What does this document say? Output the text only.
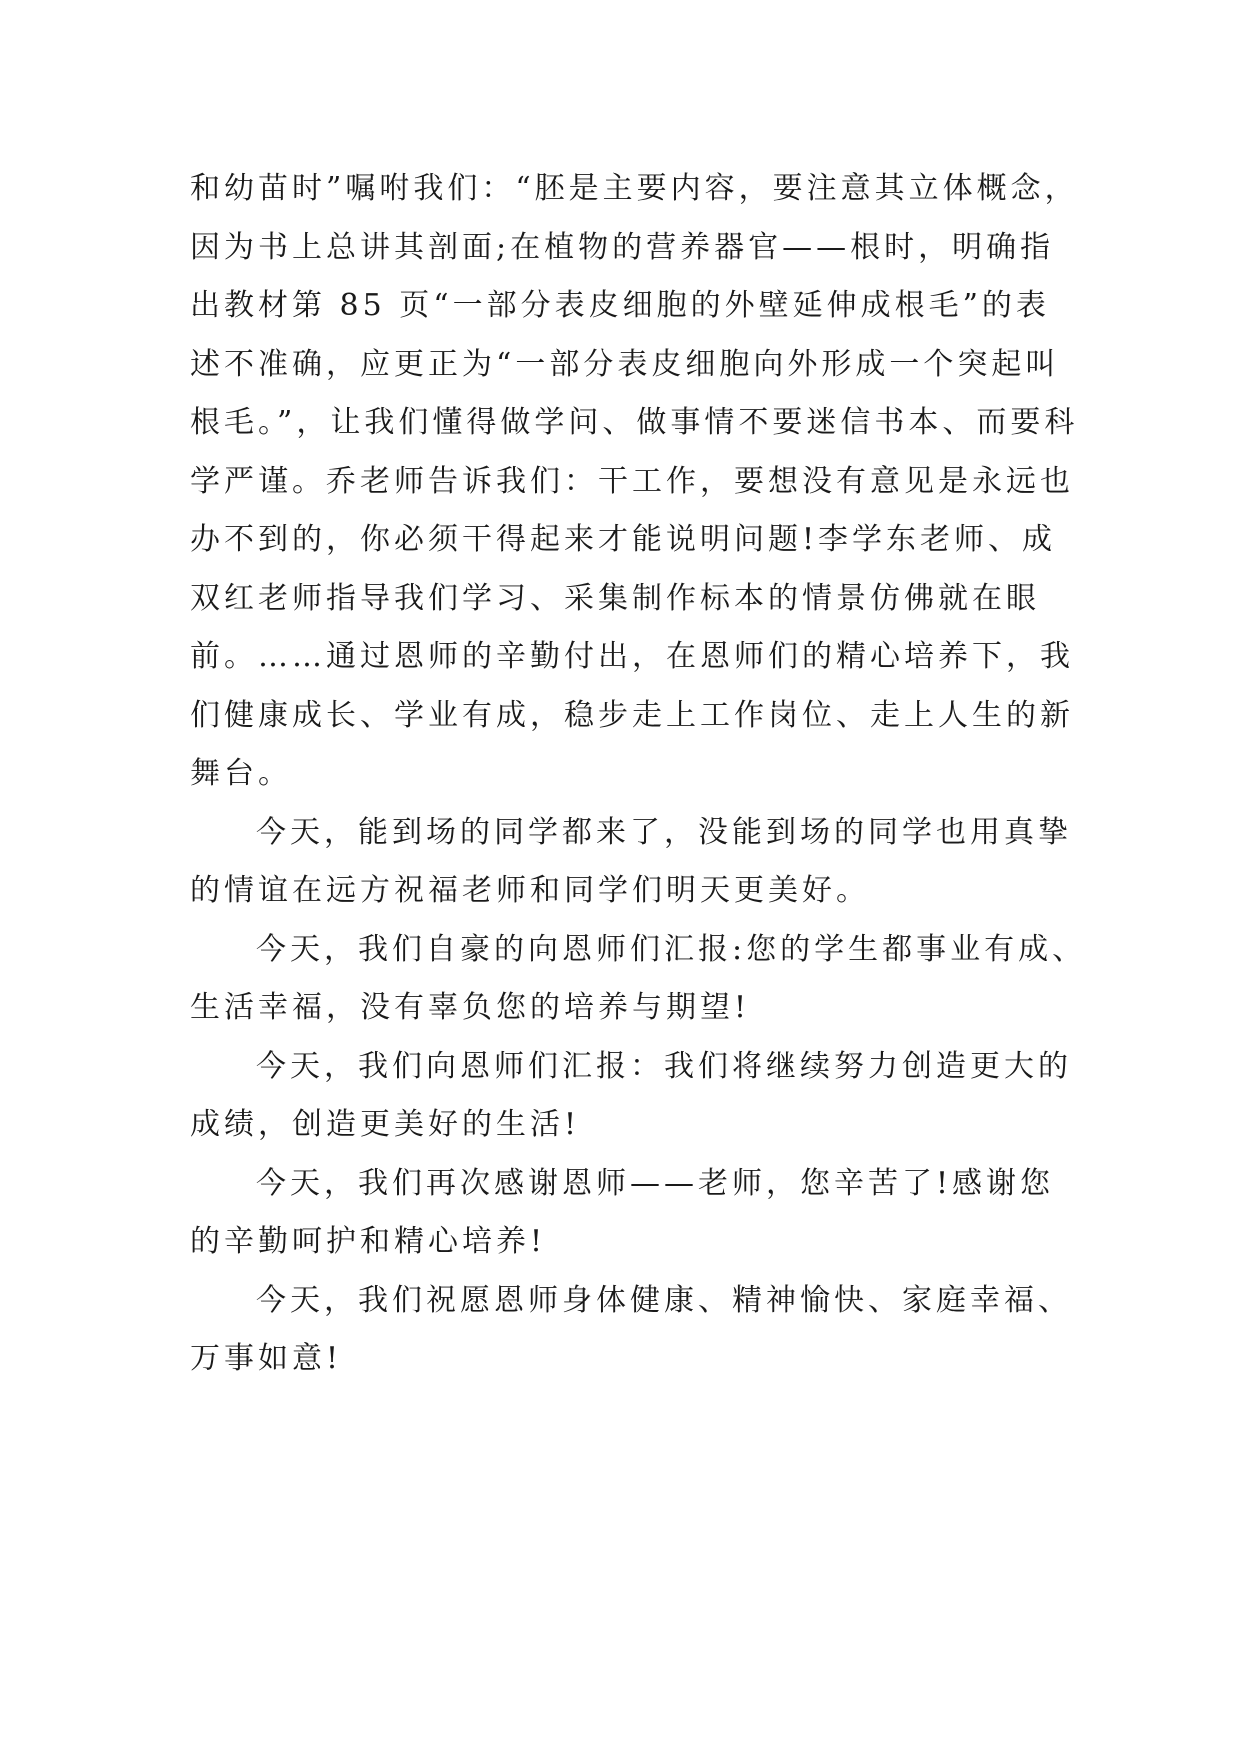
和幼苗时”嘱咐我们：“胚是主要内容，要注意其立体概念，
因为书上总讲其剖面;在植物的营养器官——根时，明确指
出教材第 85 页“一部分表皮细胞的外壁延伸成根毛”的表
述不准确，应更正为“一部分表皮细胞向外形成一个突起叫
根毛。”，让我们懂得做学问、做事情不要迷信书本、而要科
学严谨。乔老师告诉我们：干工作，要想没有意见是永远也
办不到的，你必须干得起来才能说明问题!李学东老师、成
双红老师指导我们学习、采集制作标本的情景仿佛就在眼
前。……通过恩师的辛勤付出，在恩师们的精心培养下，我
们健康成长、学业有成，稳步走上工作岗位、走上人生的新
舞台。
今天，能到场的同学都来了，没能到场的同学也用真挚
的情谊在远方祝福老师和同学们明天更美好。
今天，我们自豪的向恩师们汇报:您的学生都事业有成、
生活幸福，没有辜负您的培养与期望!
今天，我们向恩师们汇报：我们将继续努力创造更大的
成绩，创造更美好的生活!
今天，我们再次感谢恩师——老师，您辛苦了!感谢您
的辛勤呵护和精心培养!
今天，我们祝愿恩师身体健康、精神愉快、家庭幸福、
万事如意!
